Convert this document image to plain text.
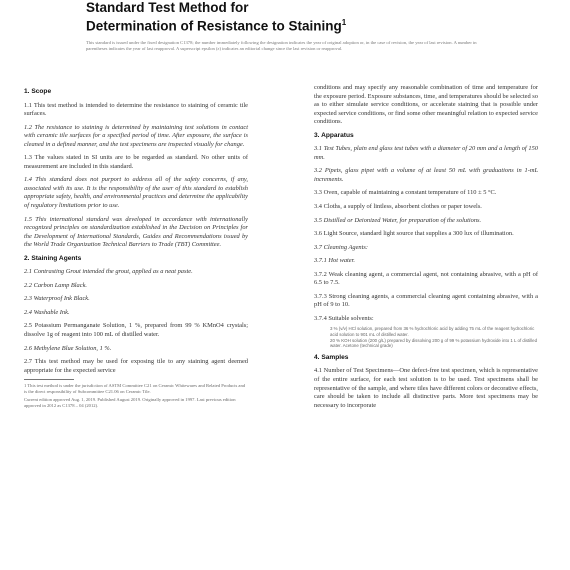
Standard Test Method for
Determination of Resistance to Staining$^1$
This standard is issued under the fixed designation C1378; the number immediately following the designation indicates the year of original adoption or, in the case of revision, the year of last revision. A number in parentheses indicates the year of last reapproval. A superscript epsilon (ε) indicates an editorial change since the last revision or reapproval.
1. Scope

1.1 This test method is intended to determine the resistance to staining of ceramic tile surfaces.

1.2 The resistance to staining is determined by maintaining test solutions in contact with ceramic tile surfaces for a specified period of time. After exposure, the surface is cleaned in a defined manner, and the test specimens are inspected visually for change.

1.3 The values stated in SI units are to be regarded as standard. No other units of measurement are included in this standard.

1.4 This standard does not purport to address all of the safety concerns, if any, associated with its use. It is the responsibility of the user of this standard to establish appropriate safety, health, and environmental practices and determine the applicability of regulatory limitations prior to use.

1.5 This international standard was developed in accordance with internationally recognized principles on standardization established in the Decision on Principles for the Development of International Standards, Guides and Recommendations issued by the World Trade Organization Technical Barriers to Trade (TBT) Committee.

2. Staining Agents

2.1 Contrasting Grout intended the grout, applied as a neat paste.

2.2 Carbon Lamp Black.

2.3 Waterproof Ink Black.

2.4 Washable Ink.

2.5 Potassium Permanganate Solution, 1 %, prepared from 99 % KMnO4 crystals; dissolve 1g of reagent into 100 mL of distilled water.

2.6 Methylene Blue Solution, 1 %.

2.7 This test method may be used for exposing tile to any staining agent deemed appropriate for the expected service

1 This test method is under the jurisdiction of ASTM Committee C21 on Ceramic Whitewares and Related Products and is the direct responsibility of Subcommittee C21.06 on Ceramic Tile.

Current edition approved Aug. 1, 2019. Published August 2019. Originally approved in 1997. Last previous edition approved in 2012 as C1378 – 04 (2012).

conditions and may specify any reasonable combination of time and temperature for the exposure period. Exposure substances, time, and temperatures should be selected so as to either simulate service conditions, or accelerate staining that is possible under expected service conditions, or find some other meaningful relation to expected service conditions.

3. Apparatus

3.1 Test Tubes, plain end glass test tubes with a diameter of 20 mm and a length of 150 mm.

3.2 Pipets, glass pipet with a volume of at least 50 mL with graduations in 1-mL increments.

3.3 Oven, capable of maintaining a constant temperature of 110 ± 5 °C.

3.4 Cloths, a supply of lintless, absorbent clothes or paper towels.

3.5 Distilled or Deionized Water, for preparation of the solutions.

3.6 Light Source, standard light source that supplies a 300 lux of illumination.

3.7 Cleaning Agents:

3.7.1 Hot water.

3.7.2 Weak cleaning agent, a commercial agent, not containing abrasive, with a pH of 6.5 to 7.5.

3.7.3 Strong cleaning agents, a commercial cleaning agent containing abrasive, with a pH of 9 to 10.

3.7.4 Suitable solvents:

3 % (v/v) HCl solution, prepared from 36 % hydrochloric acid by adding 75 mL of the reagent hydrochloric acid solution to 901 mL of distilled water.
20 % KOH solution (200 g/L) prepared by dissolving 200 g of 99 % potassium hydroxide into 1 L of distilled water. Acetone (technical grade)
4. Samples

4.1 Number of Test Specimens—One defect-free test specimen, which is representative of the entire surface, for each test solution is to be used. Test specimens shall be representative of the sample, and where tiles have different colors or decorative effects, care should be taken to include all distinctive parts. More test specimens may be necessary to incorporate
